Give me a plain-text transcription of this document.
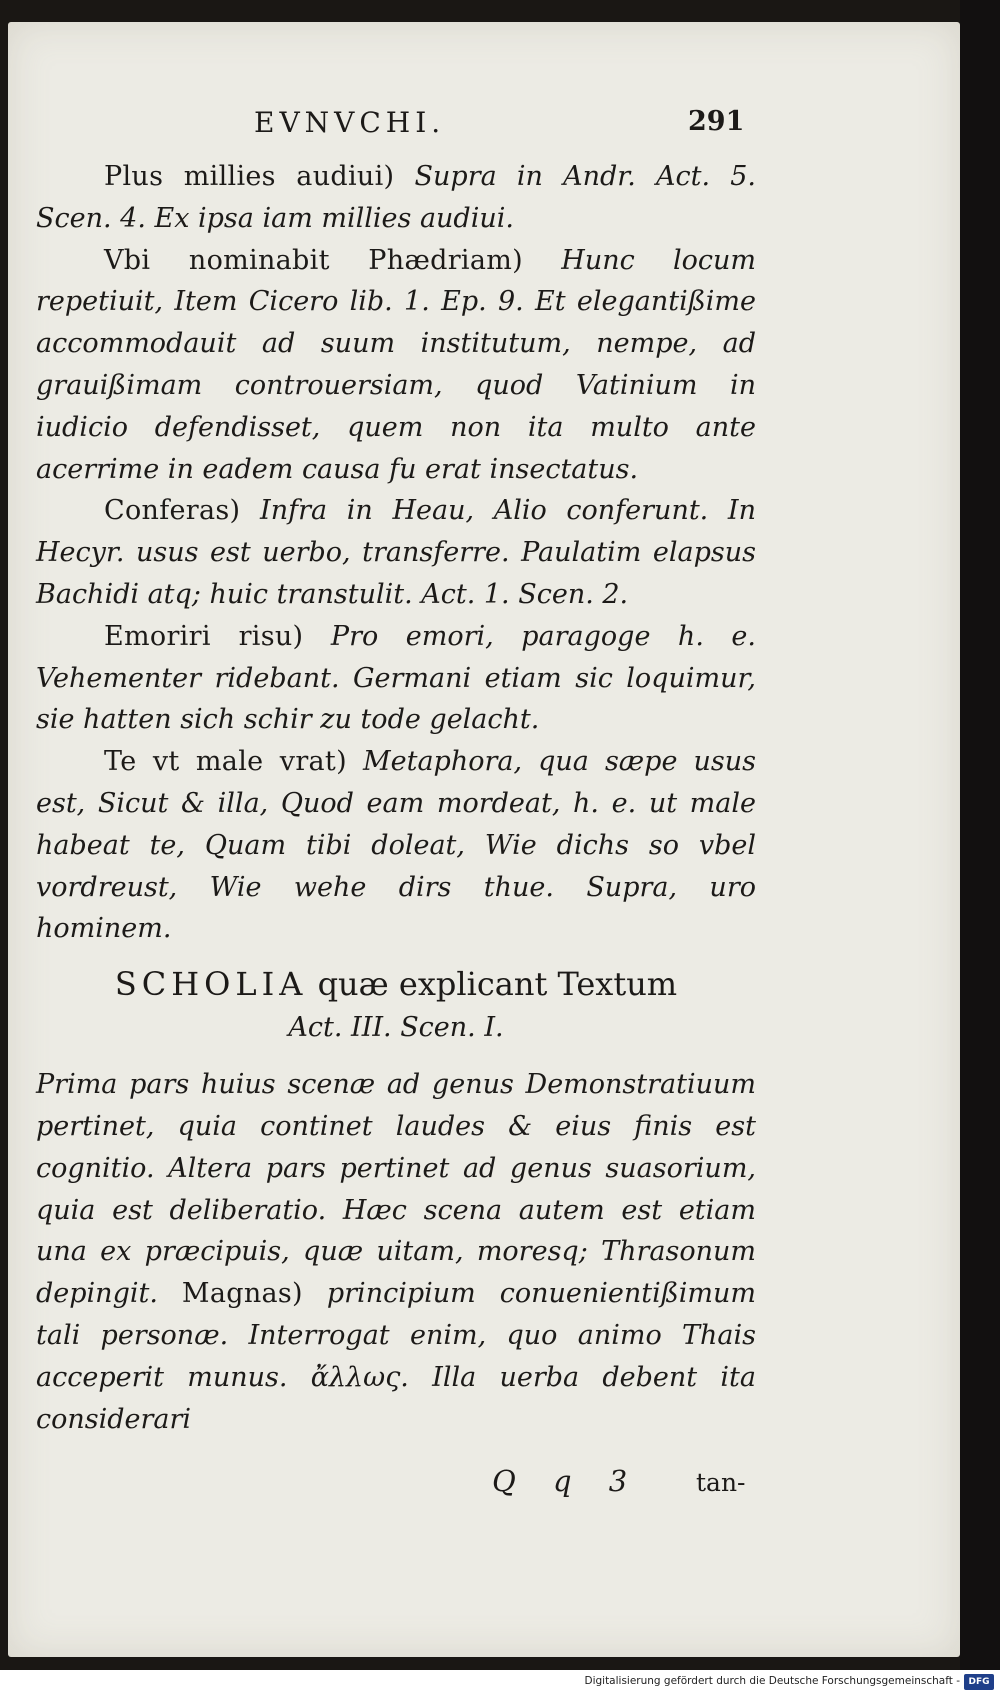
EVNVCHI.	291

Plus millies audiui) Supra in Andr. Act. 5. Scen. 4. Ex ipsa iam millies audiui.

Vbi nominabit Phædriam) Hunc locum repetiuit, Item Cicero lib. 1. Ep. 9. Et elegantißime accommodauit ad suum institutum, nempe, ad grauißimam controuersiam, quod Vatinium in iudicio defendisset, quem non ita multo ante acerrime in eadem causa fu erat insectatus.

Conferas) Infra in Heau, Alio conferunt. In Hecyr. usus est uerbo, transferre. Paulatim elapsus Bachidi atq; huic transtulit. Act. 1. Scen. 2.

Emoriri risu) Pro emori, paragoge h. e. Vehementer ridebant. Germani etiam sic loquimur, sie hatten sich schir zu tode gelacht.

Te vt male vrat) Metaphora, qua sæpe usus est, Sicut & illa, Quod eam mordeat, h. e. ut male habeat te, Quam tibi doleat, Wie dichs so vbel vordreust, Wie wehe dirs thue. Supra, uro hominem.

SCHOLIA quæ explicant Textum
Act. III. Scen. I.

Prima pars huius scenæ ad genus Demonstratiuum pertinet, quia continet laudes & eius finis est cognitio. Altera pars pertinet ad genus suasorium, quia est deliberatio. Hæc scena autem est etiam una ex præcipuis, quæ uitam, moresq; Thrasonum depingit. Magnas) principium conuenientißimum tali personæ. Interrogat enim, quo animo Thais acceperit munus. ἄλλως. Illa uerba debent ita considerari

Q q 3 tan-
Digitalisierung gefördert durch die Deutsche Forschungsgemeinschaft - DFG
